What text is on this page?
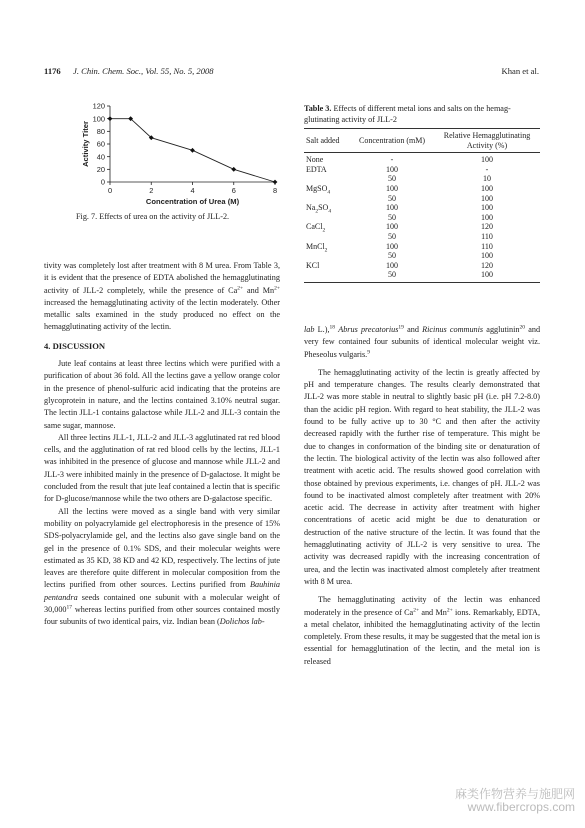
1176 J. Chin. Chem. Soc., Vol. 55, No. 5, 2008	Khan et al.
0
20
40
60
80
100
120
0	2	4	6	8
Concentration of Urea (M)
Activity Titer
Fig. 7. Effects of urea on the activity of JLL-2.
Table 3. Effects of different metal ions and salts on the hemag-glutinating activity of JLL-2
Salt added	Concentration (mM)	Relative Hemagglutinating Activity (%)
None	-	100
EDTA	100	-
	50	10
MgSO$_4$	100	100
	50	100
$Na_2SO_4$	100	100
	50	100
CaCl$_2$	100	120
	50	110
MnCl$_2$	100	110
	50	100
KCl	100	120
	50	100

tivity was completely lost after treatment with 8 M urea. From Table 3, it is evident that the presence of EDTA abolished the hemagglutinating activity of JLL-2 completely, while the presence of $Ca^{2+}$ and $Mn^{2+}$ increased the hemagglutinating activity of the lectin moderately. Other metallic salts examined in the study produced no effect on the hemagglutinating activity of the lectin.

4. DISCUSSION

Jute leaf contains at least three lectins which were purified with a purification of about 36 fold. All the lectins gave a yellow orange color in the presence of phenol-sulfuric acid indicating that the proteins are glycoprotein in nature, and the lectins contained 3.10% neutral sugar. The lectin JLL-1 contains galactose while JLL-2 and JLL-3 contain the same sugar, mannose.

All three lectins JLL-1, JLL-2 and JLL-3 agglutinated rat red blood cells, and the agglutination of rat red blood cells by the lectins, JLL-1 was inhibited in the presence of glucose and mannose while JLL-2 and JLL-3 were inhibited mainly in the presence of D-galactose. It might be concluded from the result that jute leaf contained a lectin that is specific for D-glucose/mannose while the two others are D-galactose specific.

All the lectins were moved as a single band with very similar mobility on polyacrylamide gel electrophoresis in the presence of 15% SDS-polyacrylamide gel, and the lectins also gave single band on the gel in the presence of 0.1% SDS, and their molecular weights were estimated as 35 KD, 38 KD and 42 KD, respectively. The lectins of jute leaves are therefore quite different in molecular composition from the lectins purified from other sources. Lectins purified from Bauhinia pentandra seeds contained one subunit with a molecular weight of 30,000$^{17}$ whereas lectins purified from other sources contained mostly four subunits of two identical pairs, viz. Indian bean (Dolichos lab-

lab L.),$^{18}$ Abrus precatorius$^{19}$ and Ricinus communis agglutinin$^{20}$ and very few contained four subunits of identical molecular weight viz. Pheseolus vulgaris.$^9$

The hemagglutinating activity of the lectin is greatly affected by pH and temperature changes. The results clearly demonstrated that JLL-2 was more stable in neutral to slightly basic pH (i.e. pH 7.2-8.0) than the acidic pH region. With regard to heat stability, the JLL-2 was found to be fully active up to 30 °C and then after the activity decreased rapidly with the further rise of temperature. This might be due to changes in conformation of the binding site or denaturation of the lectin. The biological activity of the lectin was also followed after treatment with acetic acid. The results showed good correlation with those obtained by previous experiments, i.e. changes of pH. JLL-2 was found to be inactivated almost completely after treatment with 20% acetic acid. The decrease in activity after treatment with higher concentrations of acetic acid might be due to denaturation or destruction of the native structure of the lectin. It was found that the hemagglutinating activity of JLL-2 is very sensitive to urea. The activity was decreased rapidly with the increasing concentration of urea, and the lectin was inactivated almost completely after treatment with 8 M urea.

The hemagglutinating activity of the lectin was enhanced moderately in the presence of $Ca^{2+}$ and $Mn^{2+}$ ions. Remarkably, EDTA, a metal chelator, inhibited the hemagglutinating activity of the lectin completely. From these results, it may be suggested that the metal ion is essential for hemagglutination of the lectin, and the metal ion is released

麻类作物营养与施肥网
www.fibercrops.com
